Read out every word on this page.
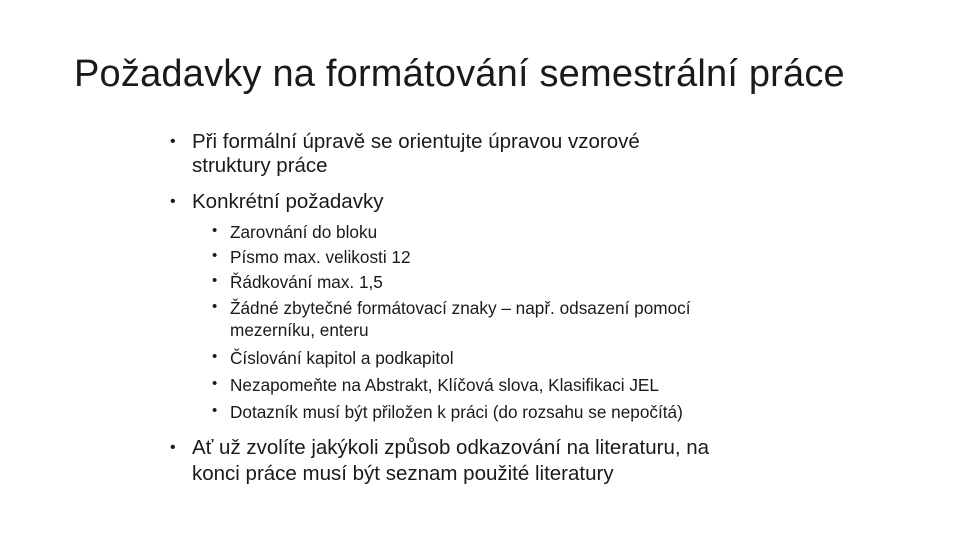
Požadavky na formátování semestrální práce
• Při formální úpravě se orientujte úpravou vzorové
struktury práce
• Konkrétní požadavky
• Zarovnání do bloku
• Písmo max. velikosti 12
• Řádkování max. 1,5
• Žádné zbytečné formátovací znaky – např. odsazení pomocí
mezerníku, enteru
• Číslování kapitol a podkapitol
• Nezapomeňte na Abstrakt, Klíčová slova, Klasifikaci JEL
• Dotazník musí být přiložen k práci (do rozsahu se nepočítá)
• Ať už zvolíte jakýkoli způsob odkazování na literaturu, na
konci práce musí být seznam použité literatury
